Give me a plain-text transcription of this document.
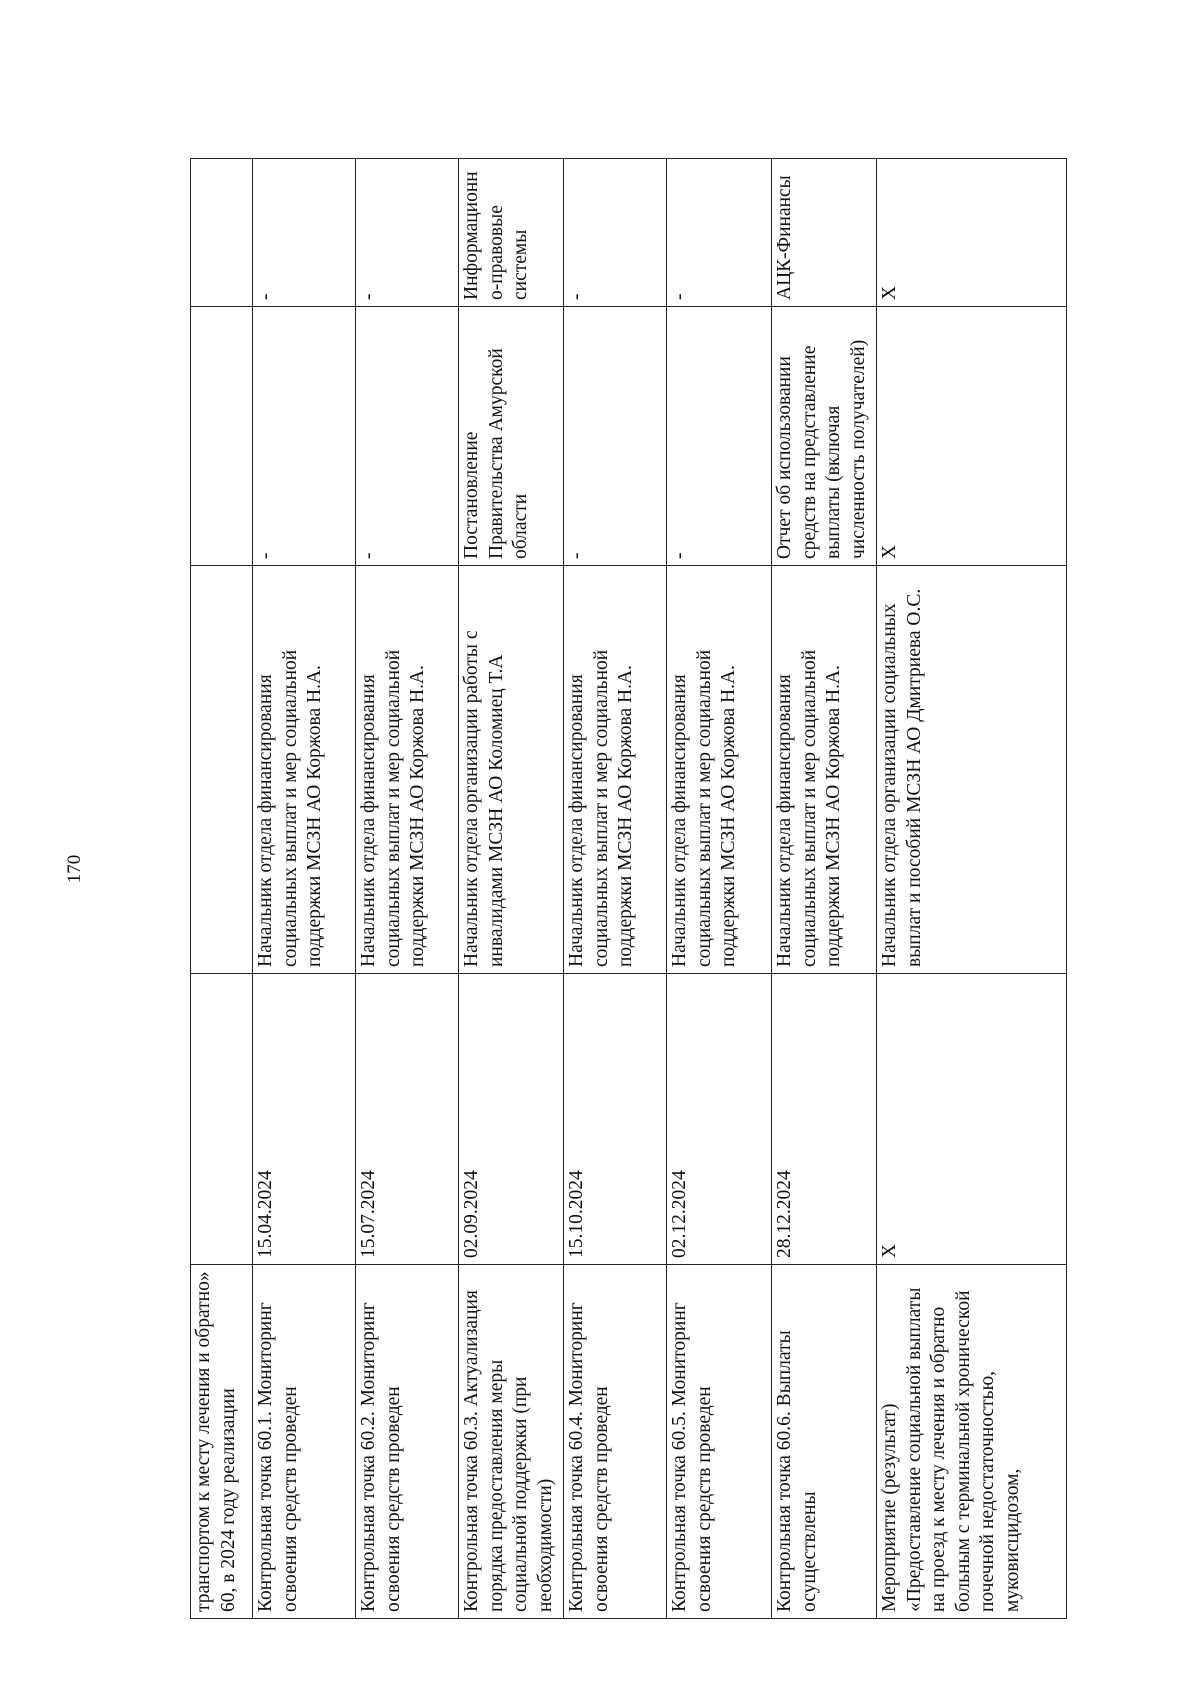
170
транспортом к месту лечения и обратно» 60, в 2024 году реализации				
Контрольная точка 60.1. Мониторинг освоения средств проведен	15.04.2024	Начальник отдела финансирования социальных выплат и мер социальной поддержки МСЗН АО Коржова Н.А.	-	-
Контрольная точка 60.2. Мониторинг освоения средств проведен	15.07.2024	Начальник отдела финансирования социальных выплат и мер социальной поддержки МСЗН АО Коржова Н.А.	-	-
Контрольная точка 60.3. Актуализация порядка предоставления меры социальной поддержки (при необходимости)	02.09.2024	Начальник отдела организации работы с инвалидами МСЗН АО Коломиец Т.А	Постановление Правительства Амурской области	Информационно-правовые системы
Контрольная точка 60.4. Мониторинг освоения средств проведен	15.10.2024	Начальник отдела финансирования социальных выплат и мер социальной поддержки МСЗН АО Коржова Н.А.	-	-
Контрольная точка 60.5. Мониторинг освоения средств проведен	02.12.2024	Начальник отдела финансирования социальных выплат и мер социальной поддержки МСЗН АО Коржова Н.А.	-	-
Контрольная точка 60.6. Выплаты осуществлены	28.12.2024	Начальник отдела финансирования социальных выплат и мер социальной поддержки МСЗН АО Коржова Н.А.	Отчет об использовании средств на представление выплаты (включая численность получателей)	АЦК-Финансы
Мероприятие (результат) «Предоставление социальной выплаты на проезд к месту лечения и обратно больным с терминальной хронической почечной недостаточностью, муковисцидозом,	Х	Начальник отдела организации социальных выплат и пособий МСЗН АО Дмитриева О.С.	Х	Х
